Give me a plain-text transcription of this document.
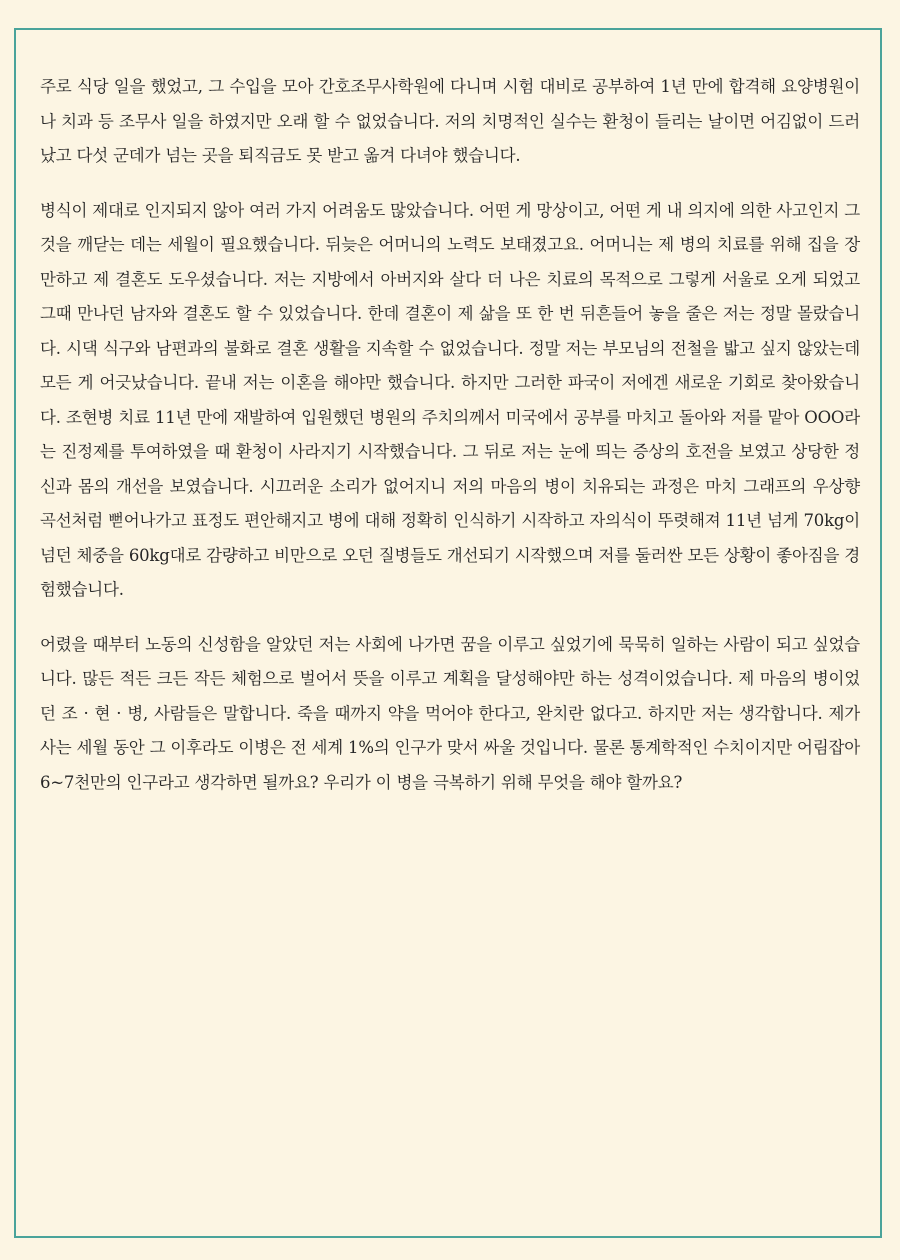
주로 식당 일을 했었고, 그 수입을 모아 간호조무사학원에 다니며 시험 대비로 공부하여 1년 만에 합격해 요양병원이나 치과 등 조무사 일을 하였지만 오래 할 수 없었습니다. 저의 치명적인 실수는 환청이 들리는 날이면 어김없이 드러났고 다섯 군데가 넘는 곳을 퇴직금도 못 받고 옮겨 다녀야 했습니다.

병식이 제대로 인지되지 않아 여러 가지 어려움도 많았습니다. 어떤 게 망상이고, 어떤 게 내 의지에 의한 사고인지 그것을 깨닫는 데는 세월이 필요했습니다. 뒤늦은 어머니의 노력도 보태졌고요. 어머니는 제 병의 치료를 위해 집을 장만하고 제 결혼도 도우셨습니다. 저는 지방에서 아버지와 살다 더 나은 치료의 목적으로 그렇게 서울로 오게 되었고 그때 만나던 남자와 결혼도 할 수 있었습니다. 한데 결혼이 제 삶을 또 한 번 뒤흔들어 놓을 줄은 저는 정말 몰랐습니다. 시댁 식구와 남편과의 불화로 결혼 생활을 지속할 수 없었습니다. 정말 저는 부모님의 전철을 밟고 싶지 않았는데 모든 게 어긋났습니다. 끝내 저는 이혼을 해야만 했습니다. 하지만 그러한 파국이 저에겐 새로운 기회로 찾아왔습니다. 조현병 치료 11년 만에 재발하여 입원했던 병원의 주치의께서 미국에서 공부를 마치고 돌아와 저를 맡아 OOO라는 진정제를 투여하였을 때 환청이 사라지기 시작했습니다. 그 뒤로 저는 눈에 띄는 증상의 호전을 보였고 상당한 정신과 몸의 개선을 보였습니다. 시끄러운 소리가 없어지니 저의 마음의 병이 치유되는 과정은 마치 그래프의 우상향 곡선처럼 뻗어나가고 표정도 편안해지고 병에 대해 정확히 인식하기 시작하고 자의식이 뚜렷해져 11년 넘게 70kg이 넘던 체중을 60kg대로 감량하고 비만으로 오던 질병들도 개선되기 시작했으며 저를 둘러싼 모든 상황이 좋아짐을 경험했습니다.

어렸을 때부터 노동의 신성함을 알았던 저는 사회에 나가면 꿈을 이루고 싶었기에 묵묵히 일하는 사람이 되고 싶었습니다. 많든 적든 크든 작든 체험으로 벌어서 뜻을 이루고 계획을 달성해야만 하는 성격이었습니다. 제 마음의 병이었던 조 · 현 · 병, 사람들은 말합니다. 죽을 때까지 약을 먹어야 한다고, 완치란 없다고. 하지만 저는 생각합니다. 제가 사는 세월 동안 그 이후라도 이병은 전 세계 1%의 인구가 맞서 싸울 것입니다. 물론 통계학적인 수치이지만 어림잡아 6~7천만의 인구라고 생각하면 될까요? 우리가 이 병을 극복하기 위해 무엇을 해야 할까요?
